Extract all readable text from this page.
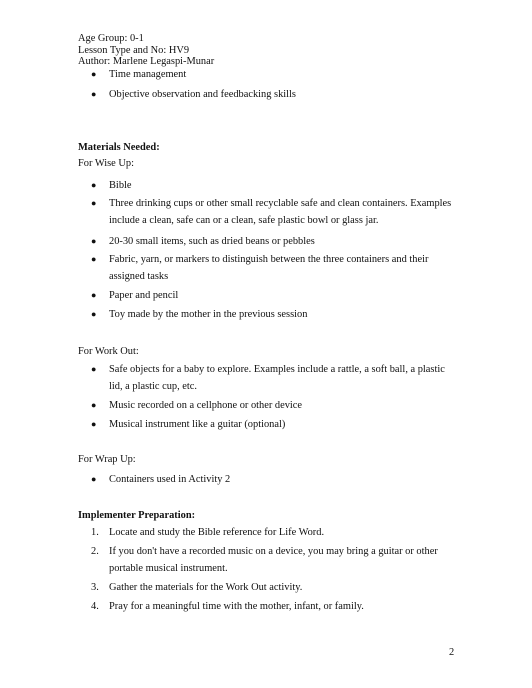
Age Group: 0-1
Lesson Type and No: HV9
Author: Marlene Legaspi-Munar
● Time management
● Objective observation and feedbacking skills
Materials Needed:
For Wise Up:
● Bible
● Three drinking cups or other small recyclable safe and clean containers. Examples
include a clean, safe can or a clean, safe plastic bowl or glass jar.
● 20-30 small items, such as dried beans or pebbles
● Fabric, yarn, or markers to distinguish between the three containers and their
assigned tasks
● Paper and pencil
● Toy made by the mother in the previous session
For Work Out:
● Safe objects for a baby to explore. Examples include a rattle, a soft ball, a plastic
lid, a plastic cup, etc.
● Music recorded on a cellphone or other device
● Musical instrument like a guitar (optional)
For Wrap Up:
● Containers used in Activity 2
Implementer Preparation:
1. Locate and study the Bible reference for Life Word.
2. If you don't have a recorded music on a device, you may bring a guitar or other
portable musical instrument.
3. Gather the materials for the Work Out activity.
4. Pray for a meaningful time with the mother, infant, or family.
2
